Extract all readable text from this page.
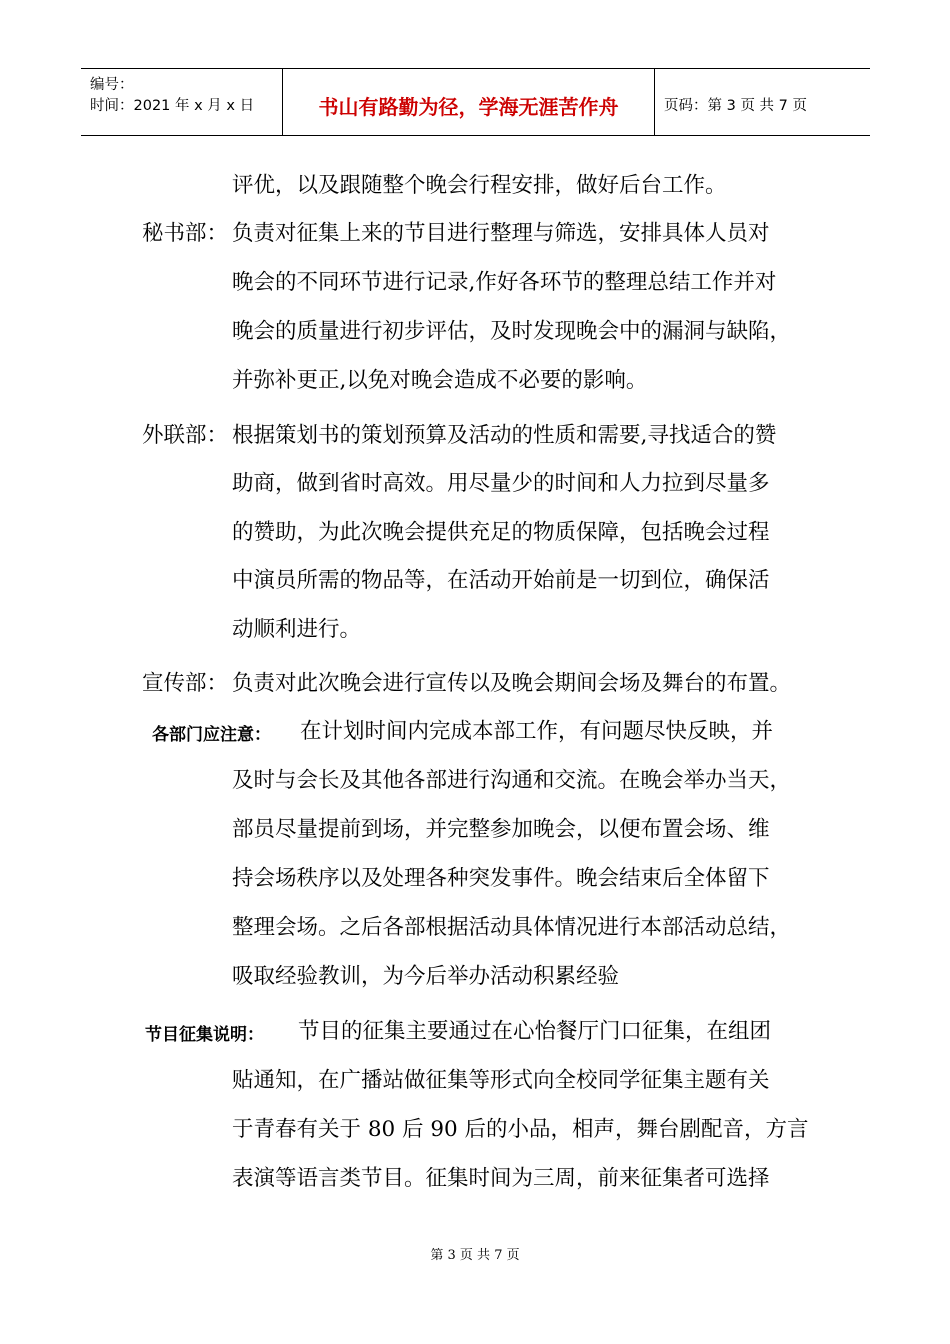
编号：
时间：2021 年 x 月 x 日	书山有路勤为径，学海无涯苦作舟	页码：第 3 页 共 7 页
评优，以及跟随整个晚会行程安排，做好后台工作。
秘书部： 负责对征集上来的节目进行整理与筛选，安排具体人员对
晚会的不同环节进行记录,作好各环节的整理总结工作并对
晚会的质量进行初步评估，及时发现晚会中的漏洞与缺陷，
并弥补更正,以免对晚会造成不必要的影响。
外联部： 根据策划书的策划预算及活动的性质和需要,寻找适合的赞
助商，做到省时高效。用尽量少的时间和人力拉到尽量多
的赞助，为此次晚会提供充足的物质保障，包括晚会过程
中演员所需的物品等，在活动开始前是一切到位，确保活
动顺利进行。
宣传部： 负责对此次晚会进行宣传以及晚会期间会场及舞台的布置。
各部门应注意： 在计划时间内完成本部工作，有问题尽快反映，并
及时与会长及其他各部进行沟通和交流。在晚会举办当天，
部员尽量提前到场，并完整参加晚会，以便布置会场、维
持会场秩序以及处理各种突发事件。晚会结束后全体留下
整理会场。之后各部根据活动具体情况进行本部活动总结，
吸取经验教训，为今后举办活动积累经验
节目征集说明： 节目的征集主要通过在心怡餐厅门口征集，在组团
贴通知，在广播站做征集等形式向全校同学征集主题有关
于青春有关于 80 后 90 后的小品，相声，舞台剧配音，方言
表演等语言类节目。征集时间为三周，前来征集者可选择
第 3 页 共 7 页
